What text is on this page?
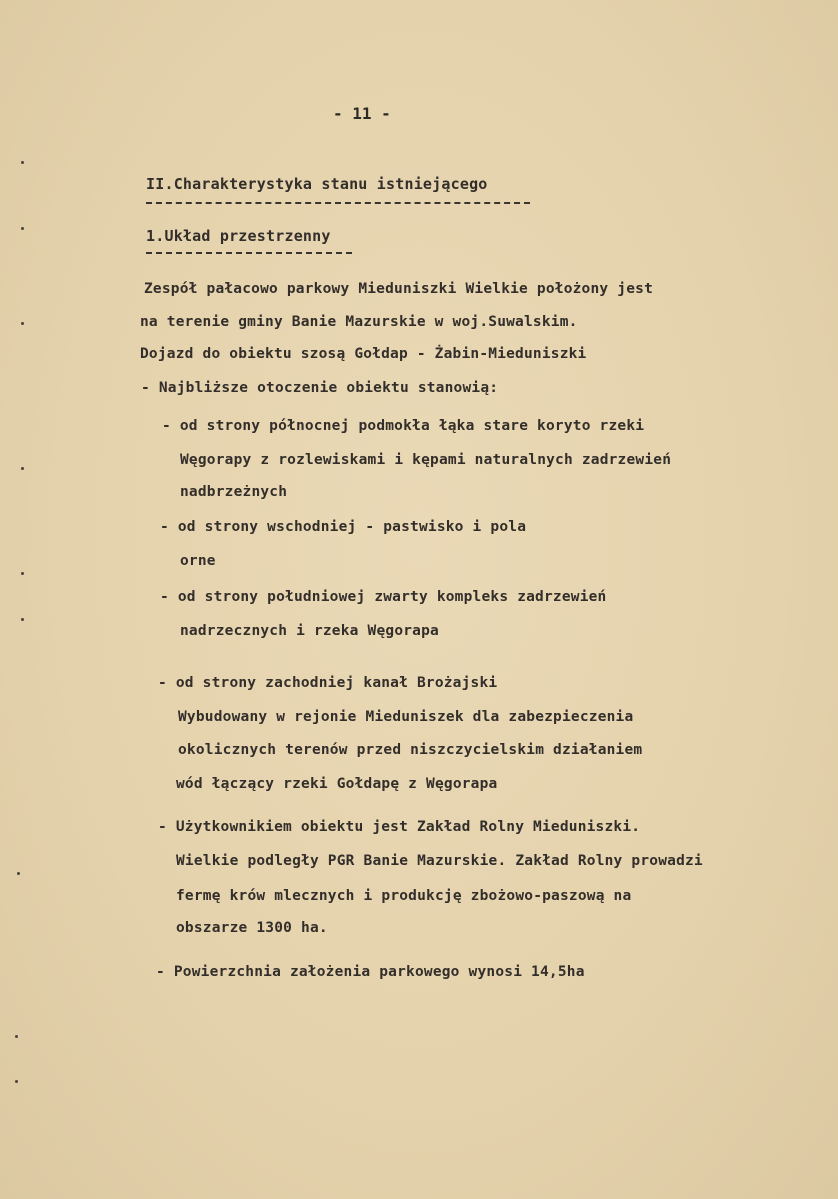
- 11 -
II.Charakterystyka stanu istniejącego
1.Układ przestrzenny
Zespół pałacowo parkowy Mieduniszki Wielkie położony jest
na terenie gminy Banie Mazurskie w woj.Suwalskim.
Dojazd do obiektu szosą Gołdap - Żabin-Mieduniszki
- Najbliższe otoczenie obiektu stanowią:
- od strony północnej podmokła łąka stare koryto rzeki
Węgorapy z rozlewiskami i kępami naturalnych zadrzewień
nadbrzeżnych
- od strony wschodniej - pastwisko i pola
orne
- od strony południowej zwarty kompleks zadrzewień
nadrzecznych i rzeka Węgorapa
- od strony zachodniej kanał Brożajski
Wybudowany w rejonie Mieduniszek dla zabezpieczenia
okolicznych terenów przed niszczycielskim działaniem
wód łączący rzeki Gołdapę z Węgorapa
- Użytkownikiem obiektu jest Zakład Rolny Mieduniszki.
Wielkie podległy PGR Banie Mazurskie. Zakład Rolny prowadzi
fermę krów mlecznych i produkcję zbożowo-paszową na
obszarze 1300 ha.
- Powierzchnia założenia parkowego wynosi 14,5ha
